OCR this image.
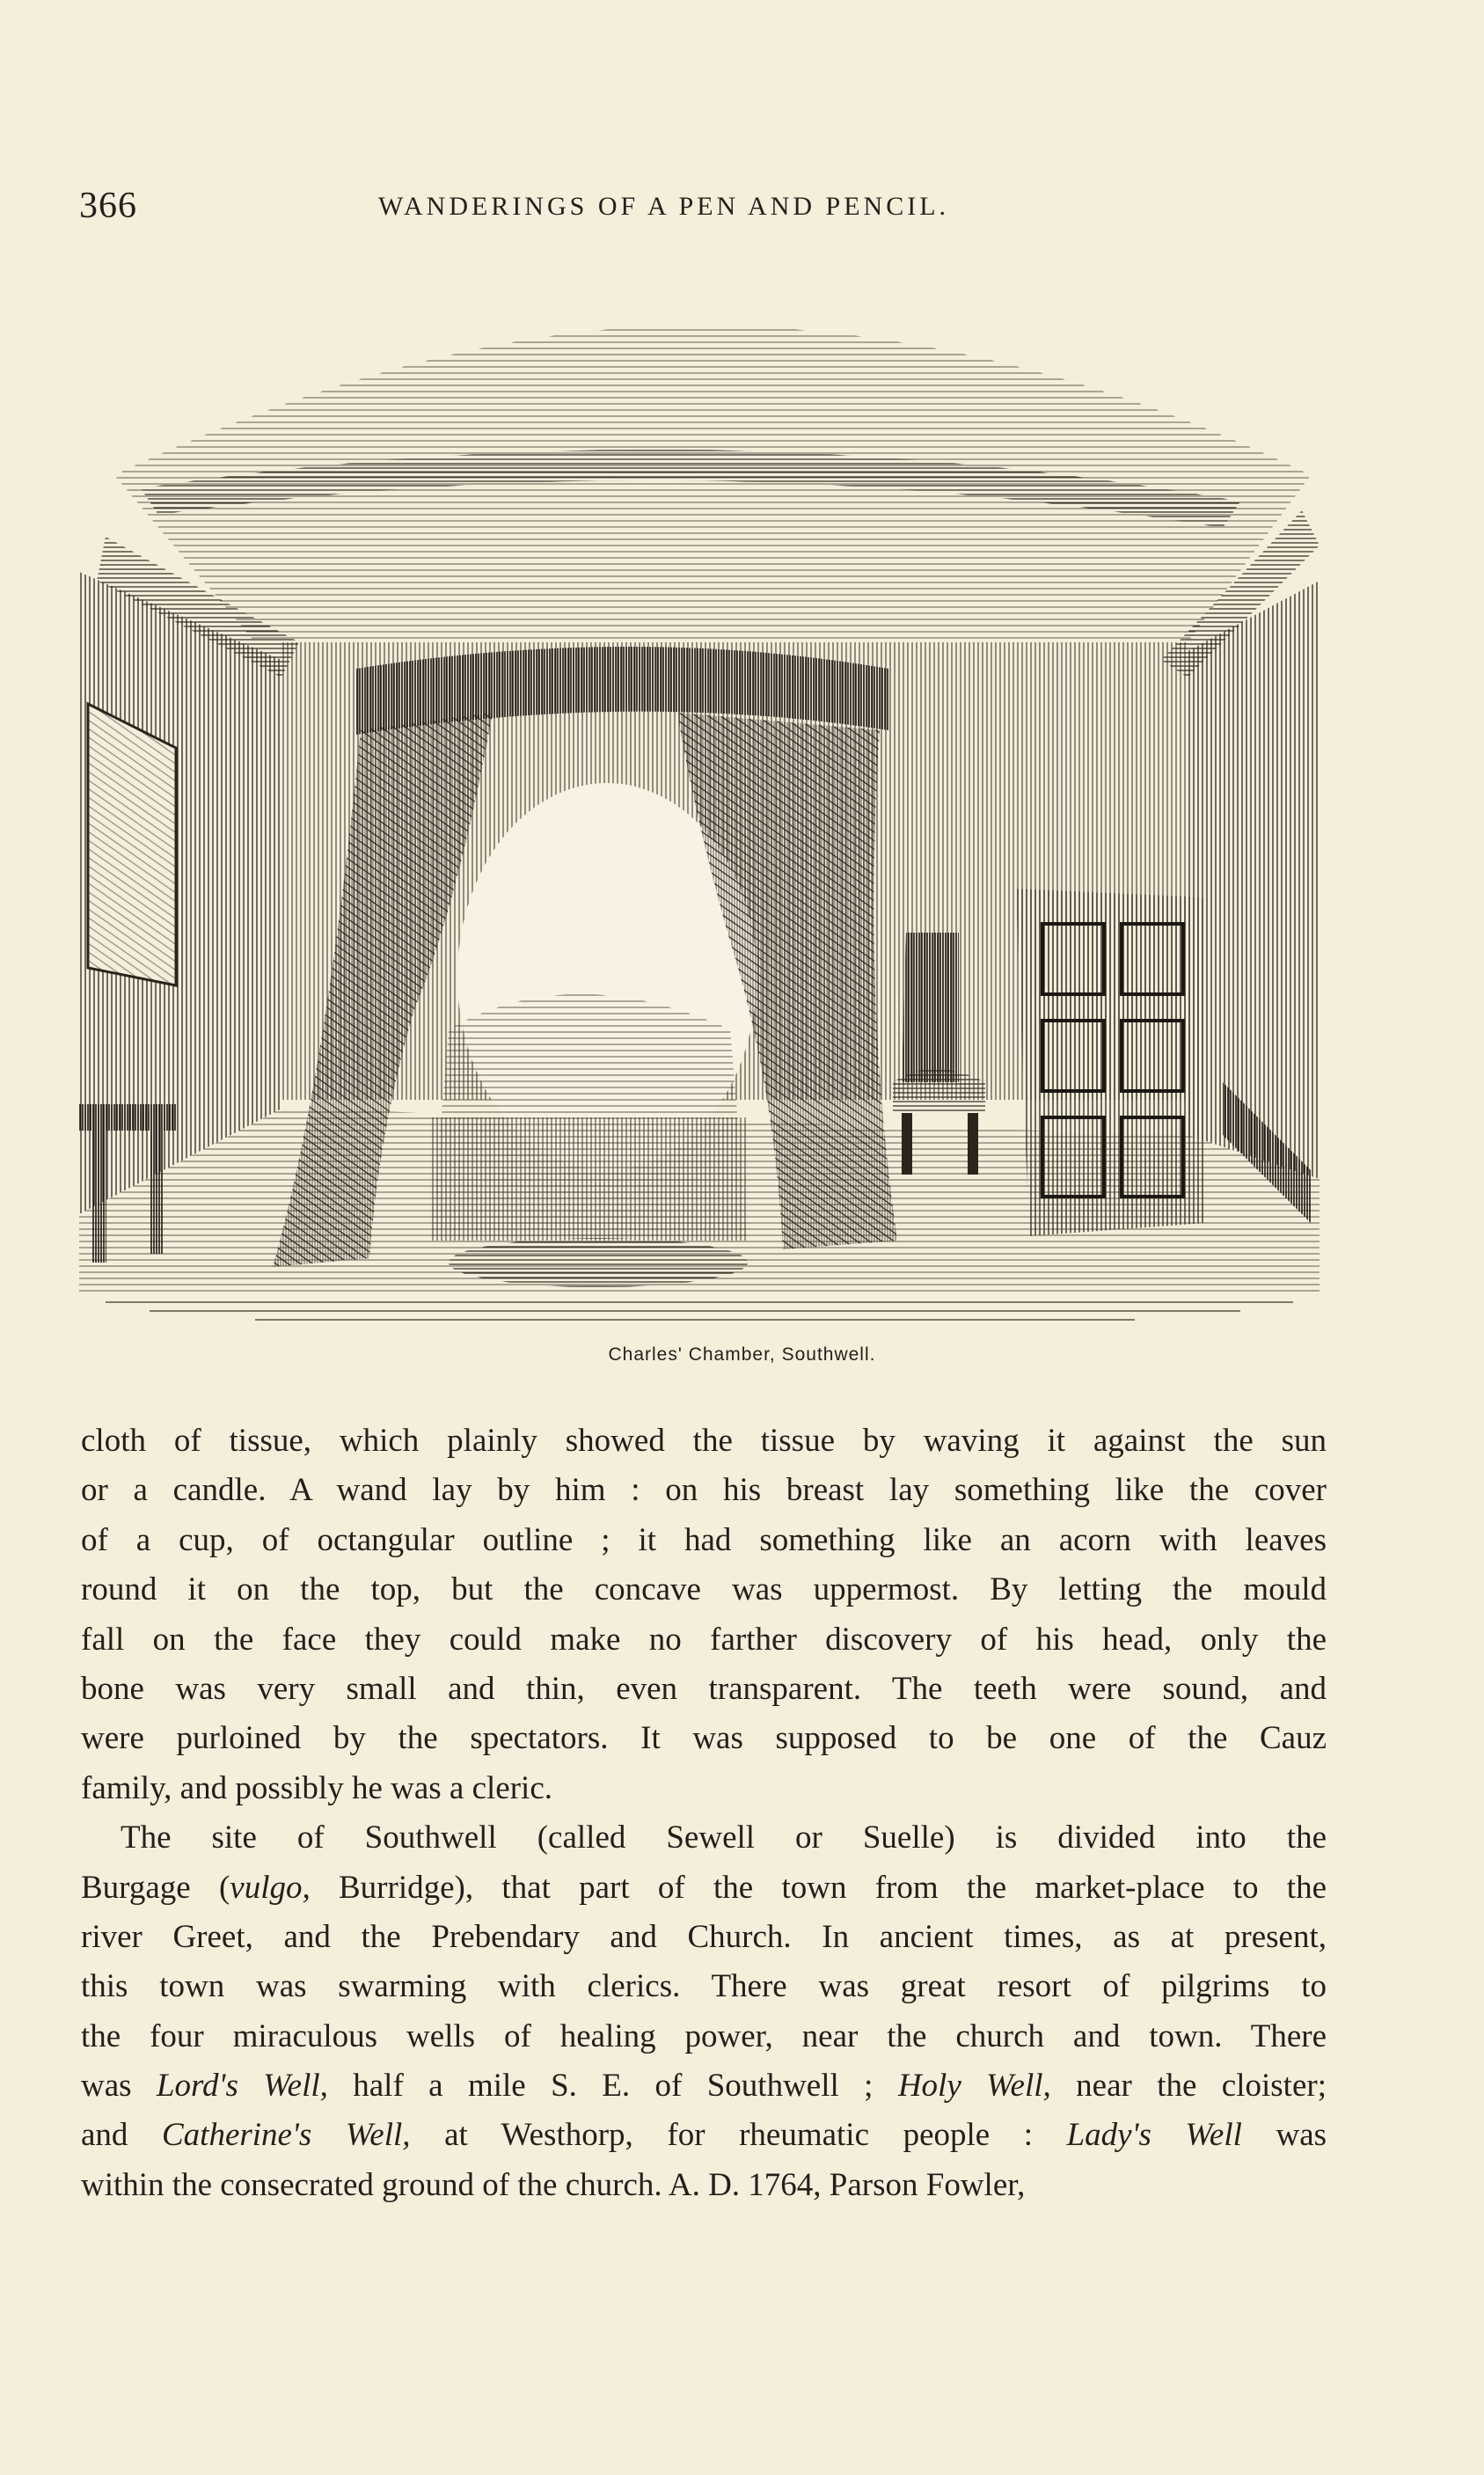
366	WANDERINGS OF A PEN AND PENCIL.
Charles' Chamber, Southwell.
cloth of tissue, which plainly showed the tissue by waving it against the sun
or a candle. A wand lay by him : on his breast lay something like the cover
of a cup, of octangular outline ; it had something like an acorn with leaves
round it on the top, but the concave was uppermost. By letting the mould
fall on the face they could make no farther discovery of his head, only the
bone was very small and thin, even transparent. The teeth were sound, and
were purloined by the spectators. It was supposed to be one of the Cauz
family, and possibly he was a cleric.
The site of Southwell (called Sewell or Suelle) is divided into the
Burgage (vulgo, Burridge), that part of the town from the market-place to the
river Greet, and the Prebendary and Church. In ancient times, as at present,
this town was swarming with clerics. There was great resort of pilgrims to
the four miraculous wells of healing power, near the church and town. There
was Lord's Well, half a mile S. E. of Southwell ; Holy Well, near the cloister;
and Catherine's Well, at Westhorp, for rheumatic people : Lady's Well was
within the consecrated ground of the church. A. D. 1764, Parson Fowler,
